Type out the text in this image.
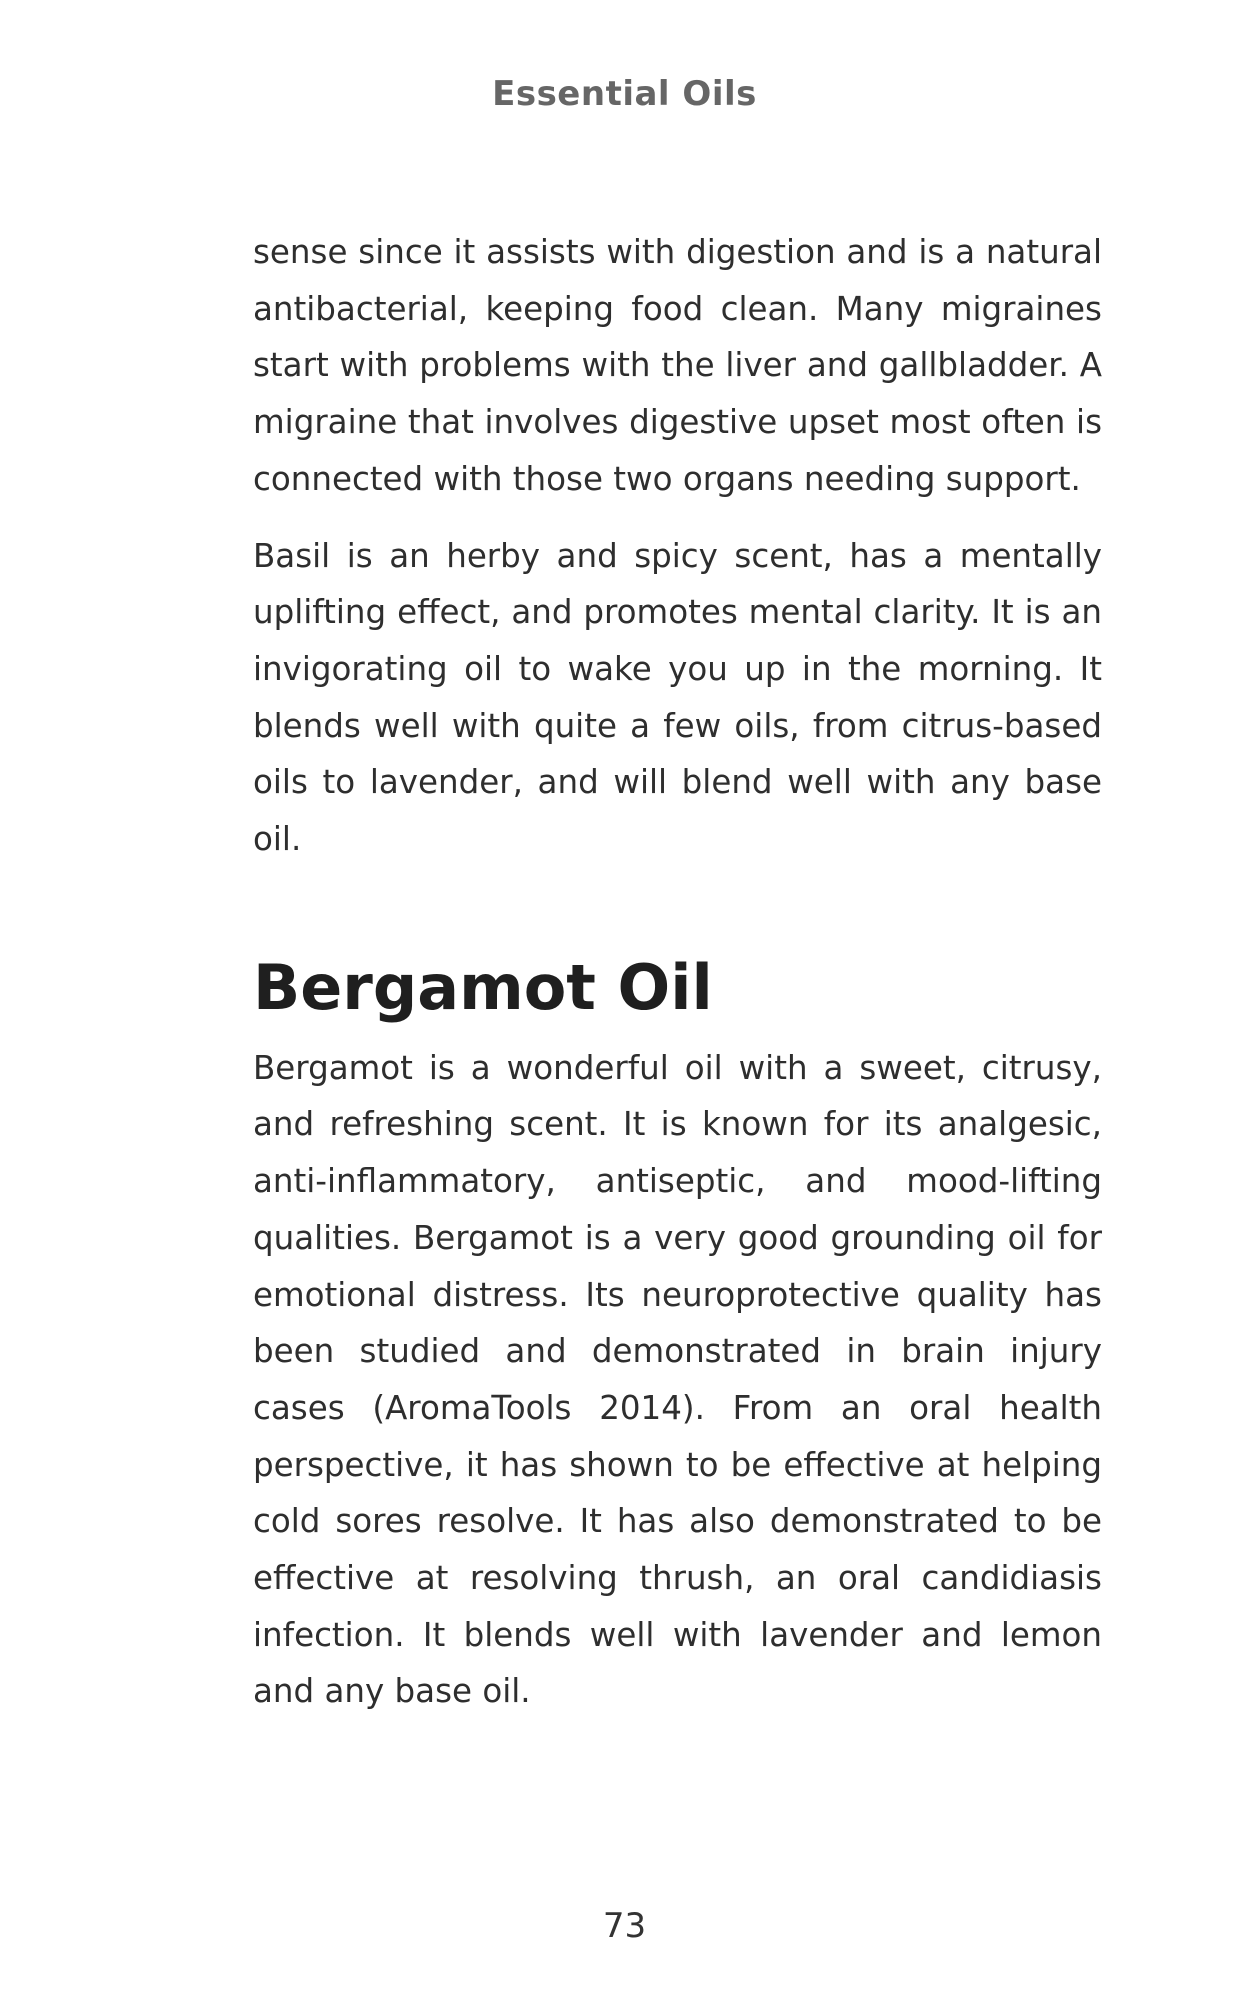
Essential Oils

sense since it assists with digestion and is a natural antibacterial, keeping food clean. Many migraines start with problems with the liver and gallbladder. A migraine that involves digestive upset most often is connected with those two organs needing support.

Basil is an herby and spicy scent, has a mentally uplifting effect, and promotes mental clarity. It is an invigorating oil to wake you up in the morning. It blends well with quite a few oils, from citrus-based oils to lavender, and will blend well with any base oil.

Bergamot Oil

Bergamot is a wonderful oil with a sweet, citrusy, and refreshing scent. It is known for its analgesic, anti-inflammatory, antiseptic, and mood-lifting qualities. Bergamot is a very good grounding oil for emotional distress. Its neuroprotective quality has been studied and demonstrated in brain injury cases (AromaTools 2014). From an oral health perspective, it has shown to be effective at helping cold sores resolve. It has also demonstrated to be effective at resolving thrush, an oral candidiasis infection. It blends well with lavender and lemon and any base oil.

73
